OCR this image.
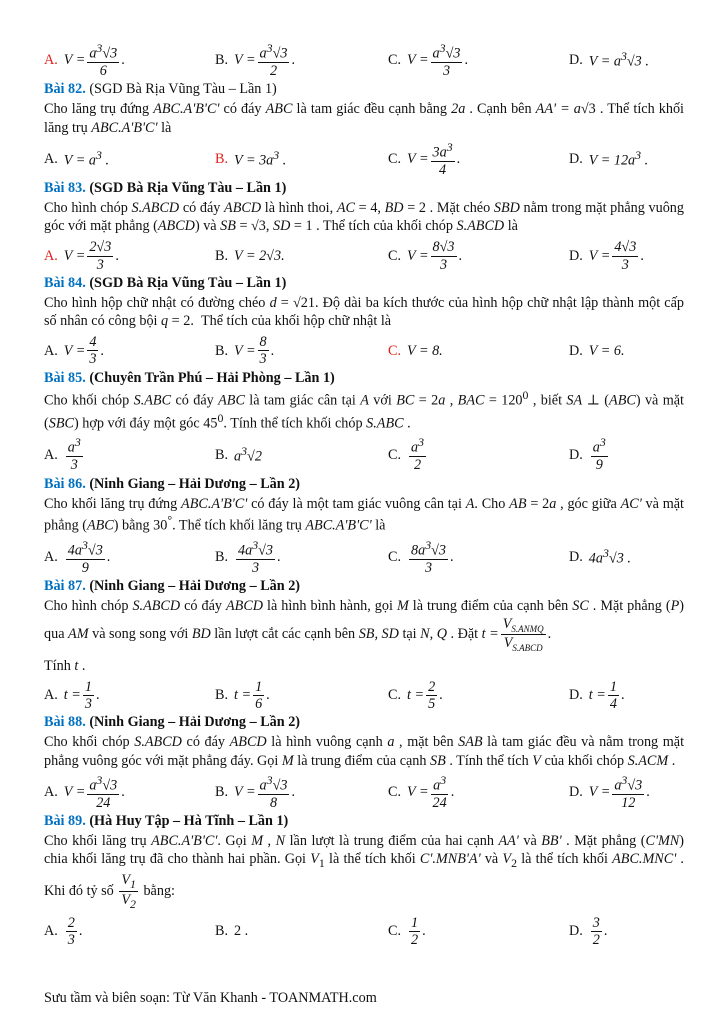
A. $V = \frac{a^3√3}{6}$ .	B. $V = \frac{a^3√3}{2}$ .	C. $V = \frac{a^3√3}{3}$ .	D. $V = a^3√3$ .
Bài 82. (SGD Bà Rịa Vũng Tàu – Lần 1)
Cho lăng trụ đứng ABC.A'B'C' có đáy ABC là tam giác đều cạnh bằng 2a . Cạnh bên AA' = a√3 . Thể tích khối lăng trụ ABC.A'B'C' là
A. $V = a^3$ .	B. $V = 3a^3$ .	C. $V = \frac{3a^3}{4}$ .	D. $V = 12a^3$ .
Bài 83. (SGD Bà Rịa Vũng Tàu – Lần 1)
Cho hình chóp S.ABCD có đáy ABCD là hình thoi, AC = 4, BD = 2 . Mặt chéo SBD nằm trong mặt phẳng vuông góc với mặt phẳng (ABCD) và SB = √3, SD = 1 . Thể tích của khối chóp S.ABCD là
A. $V = \frac{2√3}{3}$ .	B. V = 2√3.	C. $V = \frac{8√3}{3}$ .	D. $V = \frac{4√3}{3}$ .
Bài 84. (SGD Bà Rịa Vũng Tàu – Lần 1)
Cho hình hộp chữ nhật có đường chéo d = √21. Độ dài ba kích thước của hình hộp chữ nhật lập thành một cấp số nhân có công bội q = 2.  Thể tích của khối hộp chữ nhật là
A. $V = \frac{4}{3}$ .	B. $V = \frac{8}{3}$ .	C. V = 8.	D. V = 6.
Bài 85. (Chuyên Trần Phú – Hải Phòng – Lần 1)
Cho khối chóp S.ABC có đáy ABC là tam giác cân tại A với BC = 2a , BAC = $120^0$ , biết SA ⊥ (ABC) và mặt (SBC) hợp với đáy một góc $45^0$. Tính thể tích khối chóp S.ABC .
A. $\frac{a^3}{3}$	B. $a^3√2$	C. $\frac{a^3}{2}$	D. $\frac{a^3}{9}$
Bài 86. (Ninh Giang – Hải Dương – Lần 2)
Cho khối lăng trụ đứng ABC.A'B'C' có đáy là một tam giác vuông cân tại A. Cho AB = 2a , góc giữa AC' và mặt phẳng (ABC) bằng 30°. Thể tích khối lăng trụ ABC.A'B'C' là
A. $\frac{4a^3√3}{9}$ .	B. $\frac{4a^3√3}{3}$ .	C. $\frac{8a^3√3}{3}$ .	D. $4a^3√3$ .
Bài 87. (Ninh Giang – Hải Dương – Lần 2)
Cho hình chóp S.ABCD có đáy ABCD là hình bình hành, gọi M là trung điểm của cạnh bên SC . Mặt phẳng (P) qua AM và song song với BD lần lượt cắt các cạnh bên SB, SD tại N, Q . Đặt $t = \frac{V_{S.ANMQ}}{V_{S.ABCD}}$ .
Tính t .
A. $t = \frac{1}{3}$ .	B. $t = \frac{1}{6}$ .	C. $t = \frac{2}{5}$ .	D. $t = \frac{1}{4}$ .
Bài 88. (Ninh Giang – Hải Dương – Lần 2)
Cho khối chóp S.ABCD có đáy ABCD là hình vuông cạnh a , mặt bên SAB là tam giác đều và nằm trong mặt phẳng vuông góc với mặt phẳng đáy. Gọi M là trung điểm của cạnh SB . Tính thể tích V của khối chóp S.ACM .
A. $V = \frac{a^3√3}{24}$ .	B. $V = \frac{a^3√3}{8}$ .	C. $V = \frac{a^3}{24}$ .	D. $V = \frac{a^3√3}{12}$ .
Bài 89. (Hà Huy Tập – Hà Tĩnh – Lần 1)
Cho khối lăng trụ ABC.A'B'C'. Gọi M , N lần lượt là trung điểm của hai cạnh AA' và BB' . Mặt phẳng (C'MN) chia khối lăng trụ đã cho thành hai phần. Gọi $V_1$ là thể tích khối C'.MNB'A' và $V_2$ là thể tích khối ABC.MNC' . Khi đó tỷ số $\frac{V_1}{V_2}$ bằng:
A. $\frac{2}{3}$ .	B. 2 .	C. $\frac{1}{2}$ .	D. $\frac{3}{2}$ .
Sưu tầm và biên soạn: Từ Văn Khanh - TOANMATH.com
